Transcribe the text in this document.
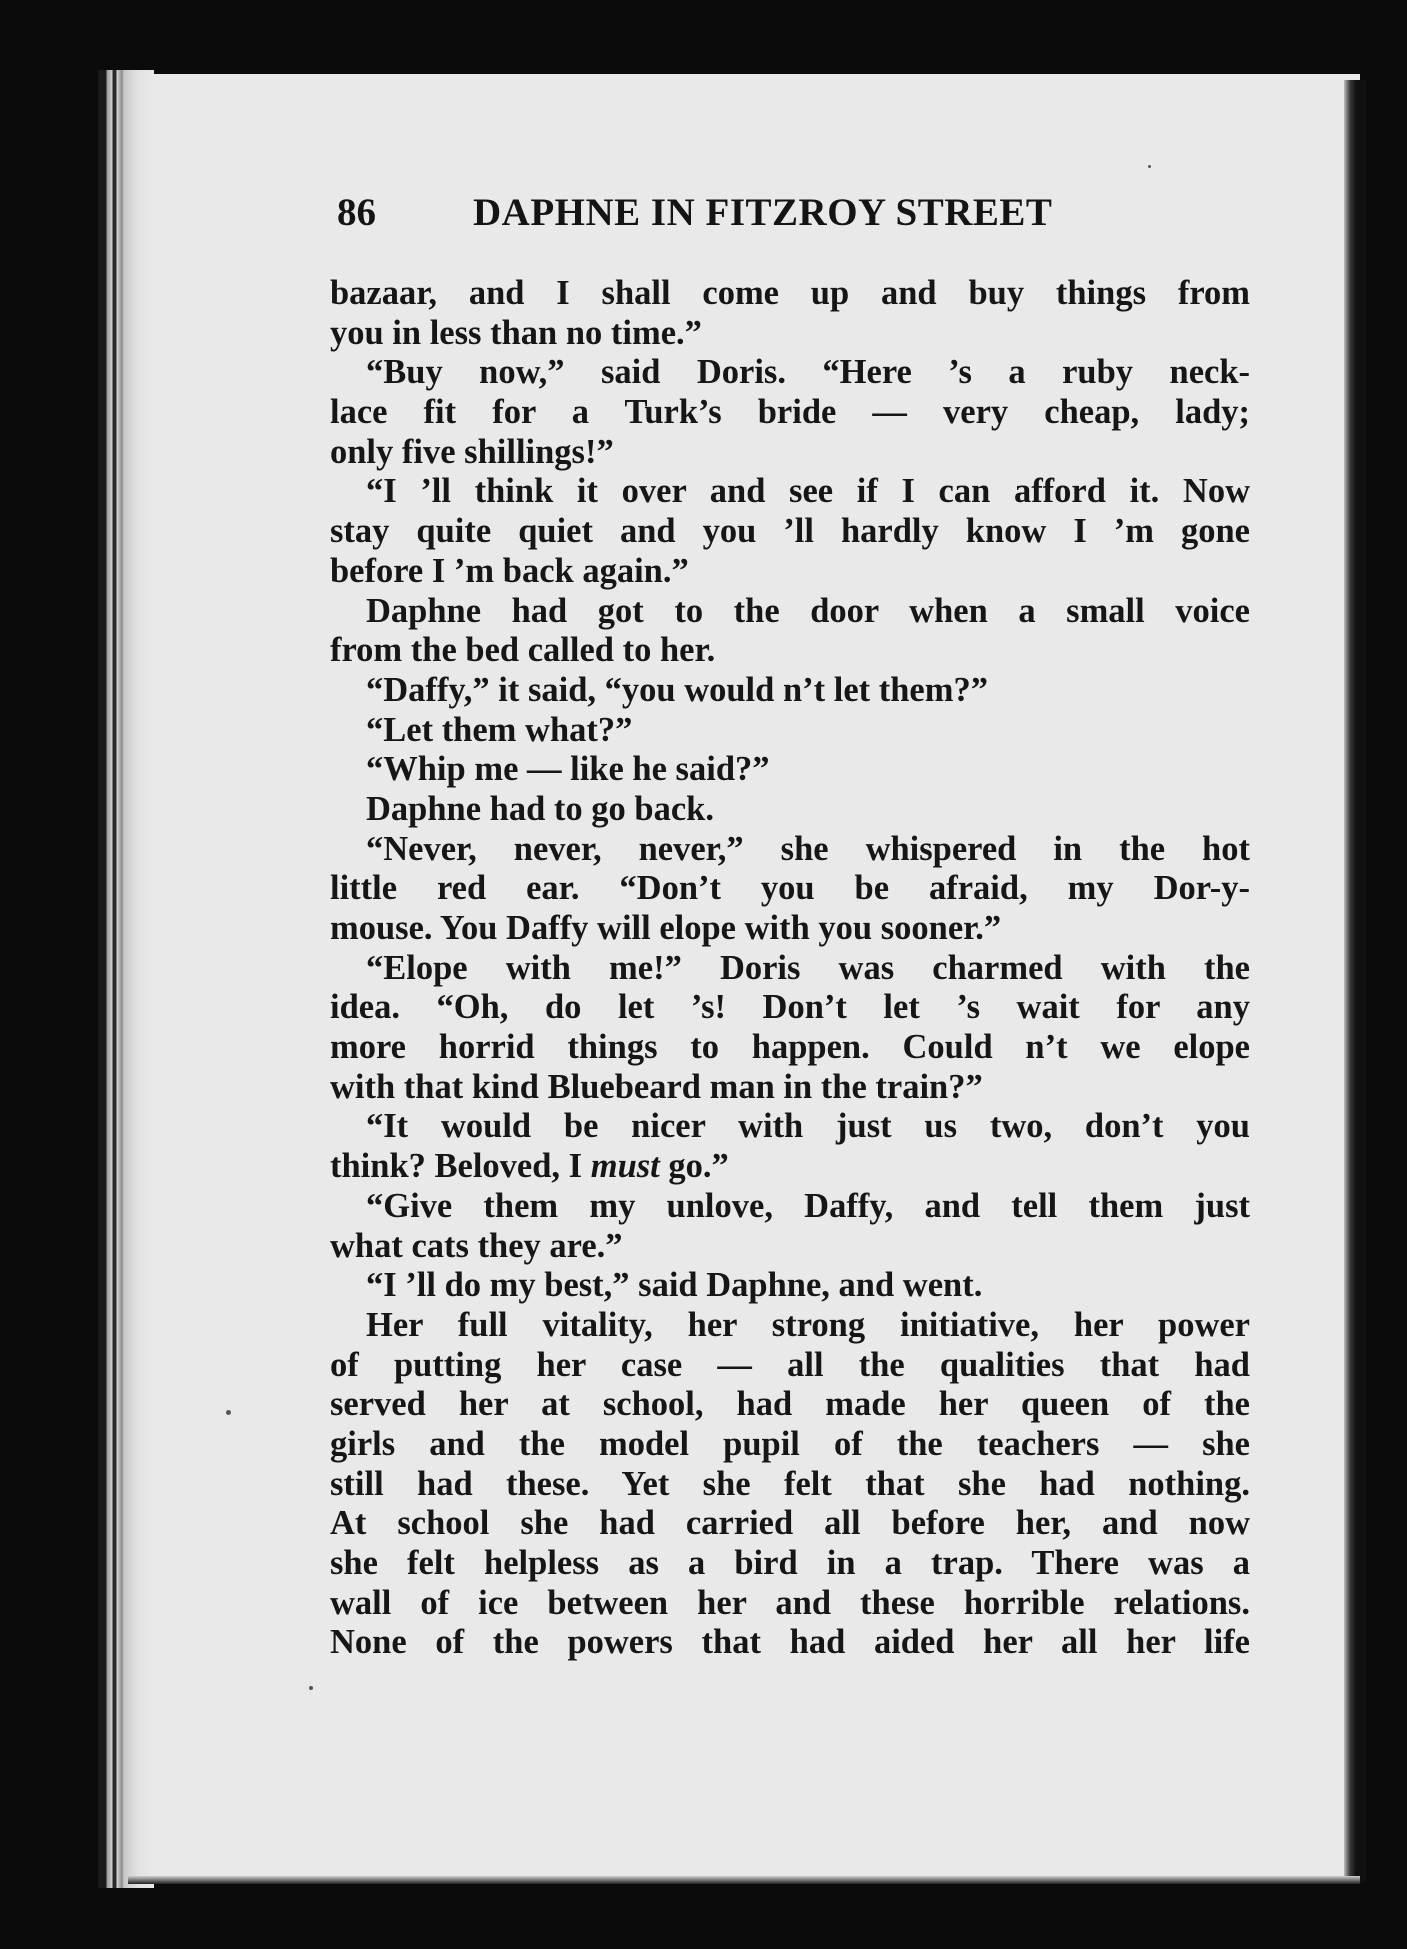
86 DAPHNE IN FITZROY STREET
bazaar, and I shall come up and buy things from
you in less than no time.”
“Buy now,” said Doris. “Here ’s a ruby neck-
lace fit for a Turk’s bride — very cheap, lady;
only five shillings!”
“I ’ll think it over and see if I can afford it. Now
stay quite quiet and you ’ll hardly know I ’m gone
before I ’m back again.”
Daphne had got to the door when a small voice
from the bed called to her.
“Daffy,” it said, “you would n’t let them?”
“Let them what?”
“Whip me — like he said?”
Daphne had to go back.
“Never, never, never,” she whispered in the hot
little red ear. “Don’t you be afraid, my Dor-y-
mouse. You Daffy will elope with you sooner.”
“Elope with me!” Doris was charmed with the
idea. “Oh, do let ’s! Don’t let ’s wait for any
more horrid things to happen. Could n’t we elope
with that kind Bluebeard man in the train?”
“It would be nicer with just us two, don’t you
think? Beloved, I must go.”
“Give them my unlove, Daffy, and tell them just
what cats they are.”
“I ’ll do my best,” said Daphne, and went.
Her full vitality, her strong initiative, her power
of putting her case — all the qualities that had
served her at school, had made her queen of the
girls and the model pupil of the teachers — she
still had these. Yet she felt that she had nothing.
At school she had carried all before her, and now
she felt helpless as a bird in a trap. There was a
wall of ice between her and these horrible relations.
None of the powers that had aided her all her life
